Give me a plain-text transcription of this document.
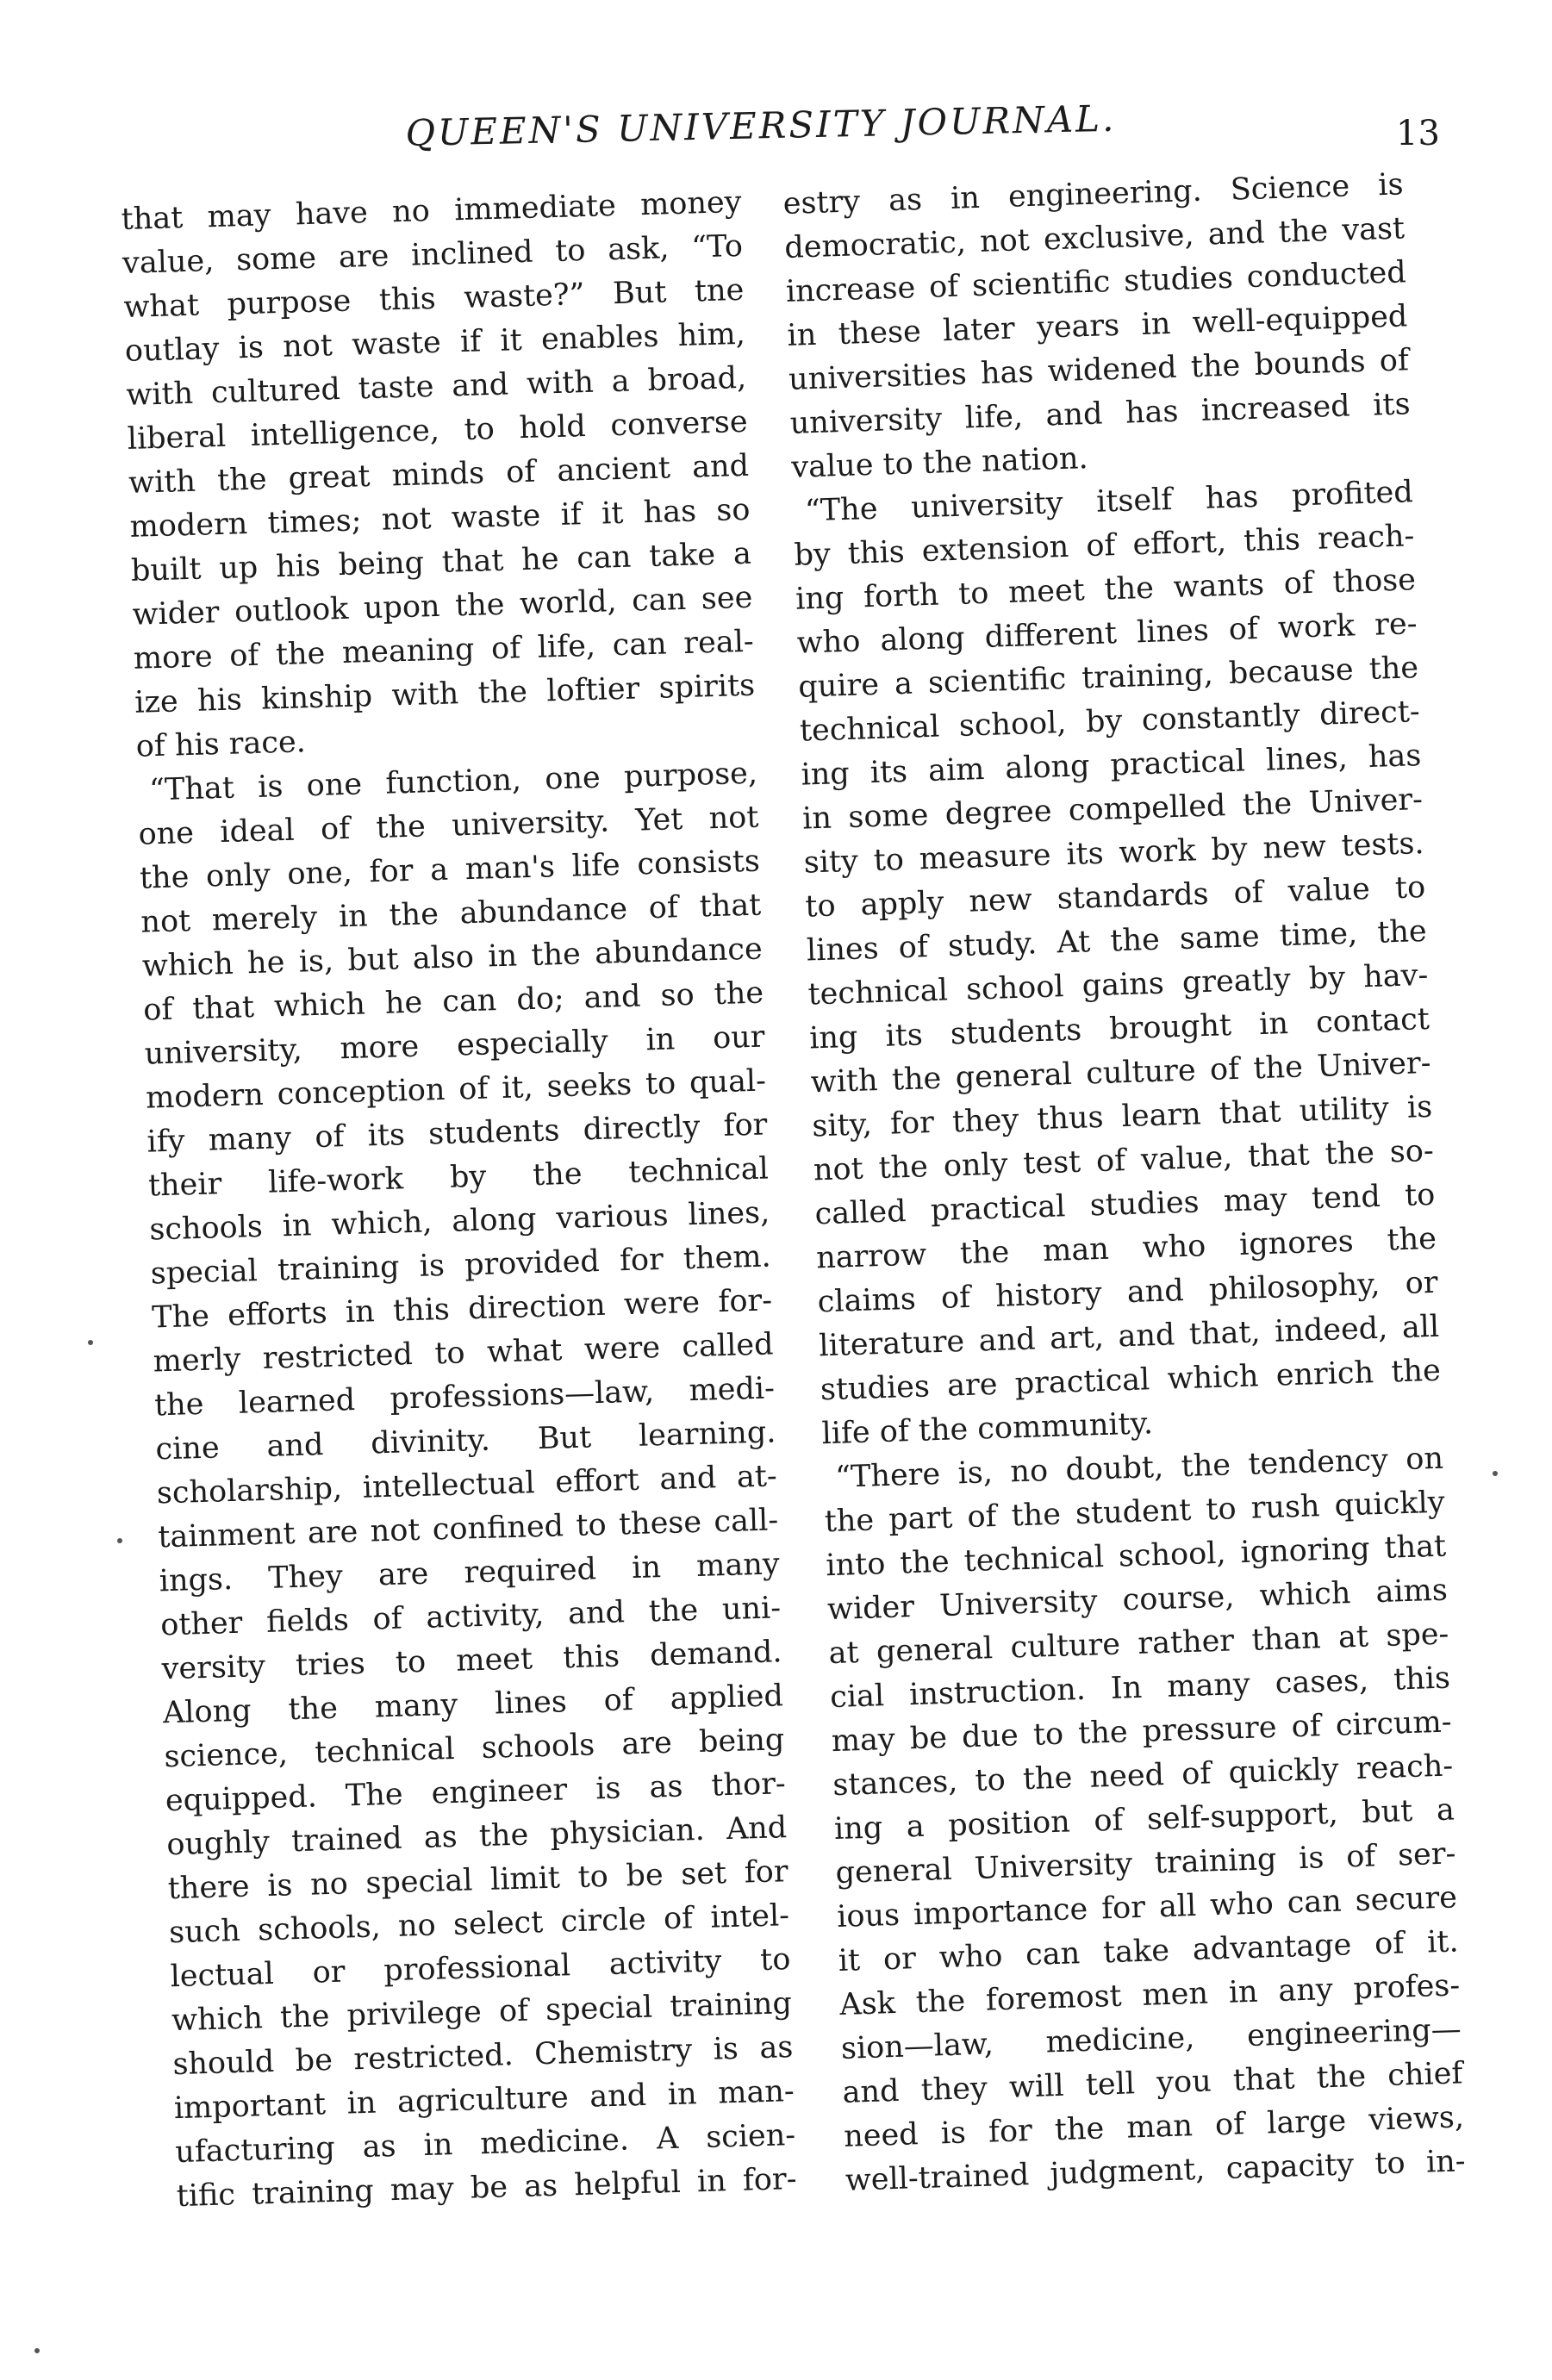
QUEEN'S UNIVERSITY JOURNAL.	13
that may have no immediate money
value, some are inclined to ask, “To
what purpose this waste?” But tne
outlay is not waste if it enables him,
with cultured taste and with a broad,
liberal intelligence, to hold converse
with the great minds of ancient and
modern times; not waste if it has so
built up his being that he can take a
wider outlook upon the world, can see
more of the meaning of life, can real-
ize his kinship with the loftier spirits
of his race.
“That is one function, one purpose,
one ideal of the university. Yet not
the only one, for a man's life consists
not merely in the abundance of that
which he is, but also in the abundance
of that which he can do; and so the
university, more especially in our
modern conception of it, seeks to qual-
ify many of its students directly for
their life-work by the technical
schools in which, along various lines,
special training is provided for them.
The efforts in this direction were for-
merly restricted to what were called
the learned professions—law, medi-
cine and divinity. But learning.
scholarship, intellectual effort and at-
tainment are not confined to these call-
ings. They are required in many
other fields of activity, and the uni-
versity tries to meet this demand.
Along the many lines of applied
science, technical schools are being
equipped. The engineer is as thor-
oughly trained as the physician. And
there is no special limit to be set for
such schools, no select circle of intel-
lectual or professional activity to
which the privilege of special training
should be restricted. Chemistry is as
important in agriculture and in man-
ufacturing as in medicine. A scien-
tific training may be as helpful in for-
estry as in engineering. Science is
democratic, not exclusive, and the vast
increase of scientific studies conducted
in these later years in well-equipped
universities has widened the bounds of
university life, and has increased its
value to the nation.
“The university itself has profited
by this extension of effort, this reach-
ing forth to meet the wants of those
who along different lines of work re-
quire a scientific training, because the
technical school, by constantly direct-
ing its aim along practical lines, has
in some degree compelled the Univer-
sity to measure its work by new tests.
to apply new standards of value to
lines of study. At the same time, the
technical school gains greatly by hav-
ing its students brought in contact
with the general culture of the Univer-
sity, for they thus learn that utility is
not the only test of value, that the so-
called practical studies may tend to
narrow the man who ignores the
claims of history and philosophy, or
literature and art, and that, indeed, all
studies are practical which enrich the
life of the community.
“There is, no doubt, the tendency on
the part of the student to rush quickly
into the technical school, ignoring that
wider University course, which aims
at general culture rather than at spe-
cial instruction. In many cases, this
may be due to the pressure of circum-
stances, to the need of quickly reach-
ing a position of self-support, but a
general University training is of ser-
ious importance for all who can secure
it or who can take advantage of it.
Ask the foremost men in any profes-
sion—law, medicine, engineering—
and they will tell you that the chief
need is for the man of large views,
well-trained judgment, capacity to in-
